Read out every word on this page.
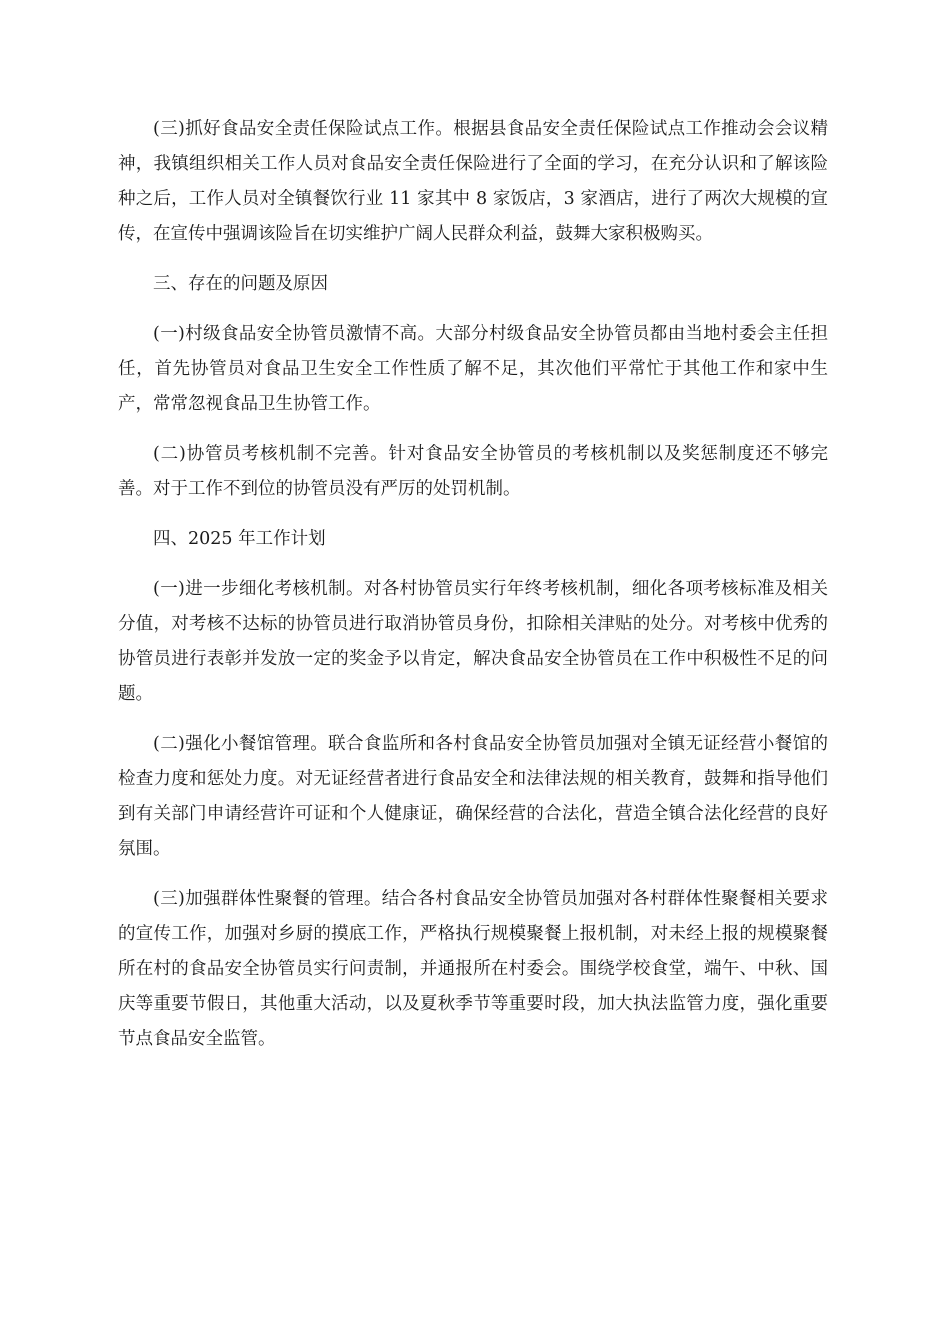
(三)抓好食品安全责任保险试点工作。根据县食品安全责任保险试点工作推动会会议精神，我镇组织相关工作人员对食品安全责任保险进行了全面的学习，在充分认识和了解该险种之后，工作人员对全镇餐饮行业 11 家其中 8 家饭店，3 家酒店，进行了两次大规模的宣传，在宣传中强调该险旨在切实维护广阔人民群众利益，鼓舞大家积极购买。

三、存在的问题及原因

(一)村级食品安全协管员激情不高。大部分村级食品安全协管员都由当地村委会主任担任，首先协管员对食品卫生安全工作性质了解不足，其次他们平常忙于其他工作和家中生产，常常忽视食品卫生协管工作。

(二)协管员考核机制不完善。针对食品安全协管员的考核机制以及奖惩制度还不够完善。对于工作不到位的协管员没有严厉的处罚机制。

四、2025 年工作计划

(一)进一步细化考核机制。对各村协管员实行年终考核机制，细化各项考核标准及相关分值，对考核不达标的协管员进行取消协管员身份，扣除相关津贴的处分。对考核中优秀的协管员进行表彰并发放一定的奖金予以肯定，解决食品安全协管员在工作中积极性不足的问题。

(二)强化小餐馆管理。联合食监所和各村食品安全协管员加强对全镇无证经营小餐馆的检查力度和惩处力度。对无证经营者进行食品安全和法律法规的相关教育，鼓舞和指导他们到有关部门申请经营许可证和个人健康证，确保经营的合法化，营造全镇合法化经营的良好氛围。

(三)加强群体性聚餐的管理。结合各村食品安全协管员加强对各村群体性聚餐相关要求的宣传工作，加强对乡厨的摸底工作，严格执行规模聚餐上报机制，对未经上报的规模聚餐所在村的食品安全协管员实行问责制，并通报所在村委会。围绕学校食堂，端午、中秋、国庆等重要节假日，其他重大活动，以及夏秋季节等重要时段，加大执法监管力度，强化重要节点食品安全监管。
